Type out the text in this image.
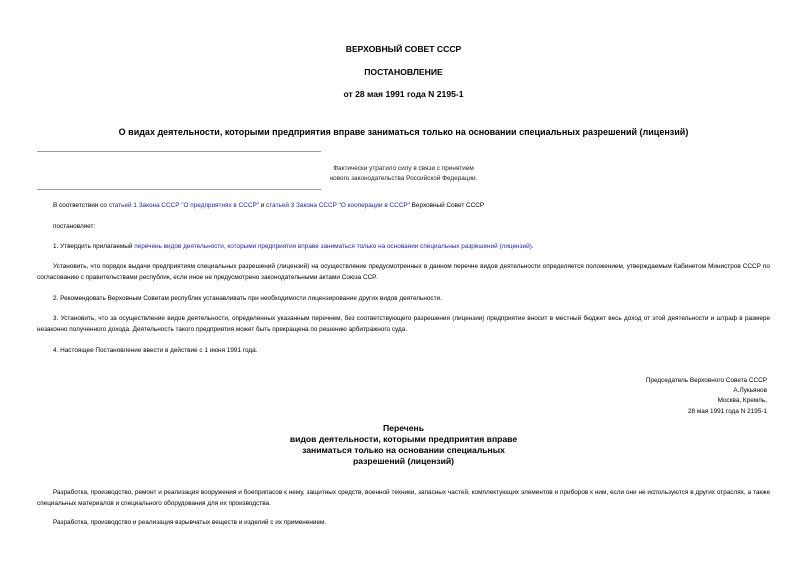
ВЕРХОВНЫЙ СОВЕТ СССР
ПОСТАНОВЛЕНИЕ
от 28 мая 1991 года N 2195-1
О видах деятельности, которыми предприятия вправе заниматься только на основании специальных разрешений (лицензий)
Фактически утратило силу в связи с принятием
нового законодательства Российской Федерации.

В соответствии со статьей 1 Закона СССР "О предприятиях в СССР" и статьей 3 Закона СССР "О кооперации в СССР" Верховный Совет СССР

постановляет:

1. Утвердить прилагаемый перечень видов деятельности, которыми предприятия вправе заниматься только на основании специальных разрешений (лицензий).

Установить, что порядок выдачи предприятиям специальных разрешений (лицензий) на осуществление предусмотренных в данном перечне видов деятельности определяется положением, утверждаемым Кабинетом Министров СССР по согласованию с правительствами республик, если иное не предусмотрено законодательными актами Союза ССР.

2. Рекомендовать Верховным Советам республик устанавливать при необходимости лицензирование других видов деятельности.

3. Установить, что за осуществление видов деятельности, определенных указанным перечнем, без соответствующего разрешения (лицензии) предприятие вносит в местный бюджет весь доход от этой деятельности и штраф в размере незаконно полученного дохода. Деятельность такого предприятия может быть прекращена по решению арбитражного суда.

4. Настоящее Постановление ввести в действие с 1 июня 1991 года.

Председатель Верховного Совета СССР
А.Лукьянов
Москва, Кремль,
28 мая 1991 года N 2195-1
Перечень
видов деятельности, которыми предприятия вправе
заниматься только на основании специальных
разрешений (лицензий)

Разработка, производство, ремонт и реализация вооружения и боеприпасов к нему, защитных средств, военной техники, запасных частей, комплектующих элементов и приборов к ним, если они не используются в других отраслях, а также специальных материалов и специального оборудования для их производства.

Разработка, производство и реализация взрывчатых веществ и изделий с их применением.
